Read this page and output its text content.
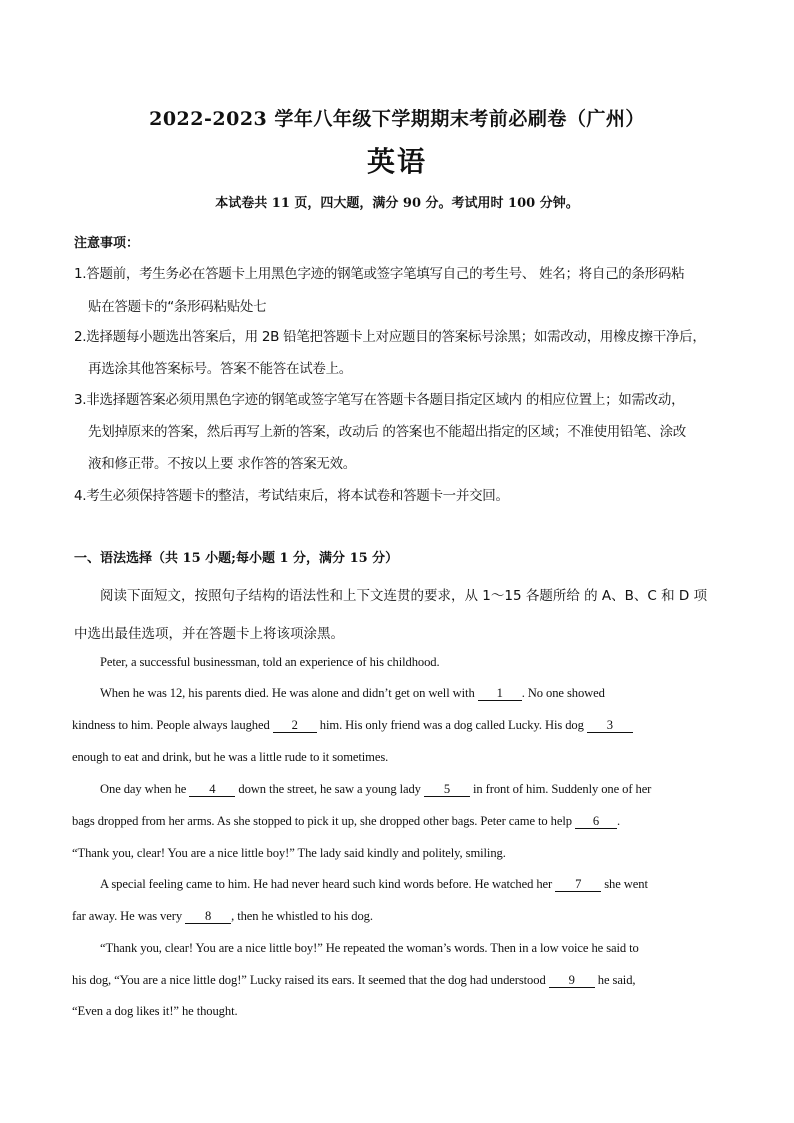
2022-2023 学年八年级下学期期末考前必刷卷（广州）
英语
本试卷共 11 页，四大题，满分 90 分。考试用时 100 分钟。
注意事项：
1.答题前，考生务必在答题卡上用黑色字迹的钢笔或签字笔填写自己的考生号、 姓名；将自己的条形码粘
贴在答题卡的“条形码粘贴处七
2.选择题每小题选出答案后，用 2B 铅笔把答题卡上对应题目的答案标号涂黑；如需改动，用橡皮擦干净后，
再选涂其他答案标号。答案不能答在试卷上。
3.非选择题答案必须用黑色字迹的钢笔或签字笔写在答题卡各题目指定区域内 的相应位置上；如需改动，
先划掉原来的答案，然后再写上新的答案，改动后 的答案也不能超出指定的区域；不准使用铅笔、涂改
液和修正带。不按以上要 求作答的答案无效。
4.考生必须保持答题卡的整洁，考试结束后，将本试卷和答题卡一并交回。
一、语法选择（共 15 小题;每小题 1 分，满分 15 分）
阅读下面短文，按照句子结构的语法性和上下文连贯的要求，从 1～15 各题所给 的 A、B、C 和 D 项
中选出最佳选项，并在答题卡上将该项涂黑。
Peter, a successful businessman, told an experience of his childhood.
When he was 12, his parents died. He was alone and didn’t get on well with 1 . No one showed
kindness to him. People always laughed 2 him. His only friend was a dog called Lucky. His dog 3
enough to eat and drink, but he was a little rude to it sometimes.
One day when he 4 down the street, he saw a young lady 5 in front of him. Suddenly one of her
bags dropped from her arms. As she stopped to pick it up, she dropped other bags. Peter came to help 6 .
“Thank you, clear! You are a nice little boy!” The lady said kindly and politely, smiling.
A special feeling came to him. He had never heard such kind words before. He watched her 7 she went
far away. He was very 8 , then he whistled to his dog.
“Thank you, clear! You are a nice little boy!” He repeated the woman’s words. Then in a low voice he said to
his dog, “You are a nice little dog!” Lucky raised its ears. It seemed that the dog had understood 9 he said,
“Even a dog likes it!” he thought.
